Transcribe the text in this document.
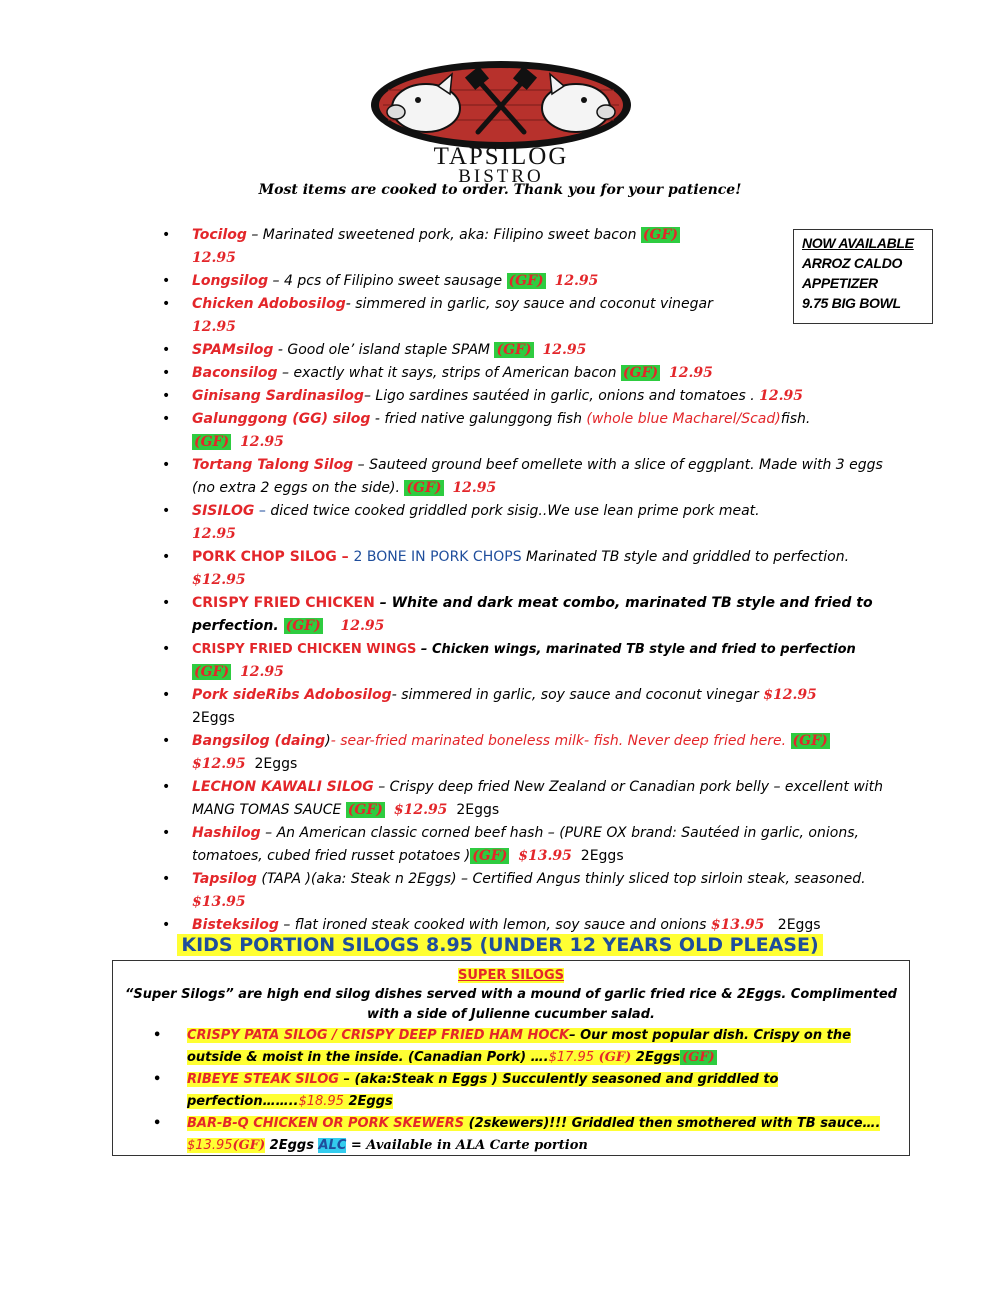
TAPSILOG
BISTRO
Most items are cooked to order. Thank you for your patience!
NOW AVAILABLE
ARROZ CALDO
APPETIZER
9.75 BIG BOWL
• Tocilog – Marinated sweetened pork, aka: Filipino sweet bacon (GF)
12.95
• Longsilog – 4 pcs of Filipino sweet sausage (GF) 12.95
• Chicken Adobosilog- simmered in garlic, soy sauce and coconut vinegar
12.95
• SPAMsilog - Good ole’ island staple SPAM (GF) 12.95
• Baconsilog – exactly what it says, strips of American bacon (GF) 12.95
• Ginisang Sardinasilog– Ligo sardines sautéed in garlic, onions and tomatoes . 12.95
• Galunggong (GG) silog - fried native galunggong fish (whole blue Macharel/Scad)fish.
(GF) 12.95
• Tortang Talong Silog – Sauteed ground beef omellete with a slice of eggplant. Made with 3 eggs (no extra 2 eggs on the side). (GF) 12.95
• SISILOG – diced twice cooked griddled pork sisig..We use lean prime pork meat.
12.95
• PORK CHOP SILOG – 2 BONE IN PORK CHOPS Marinated TB style and griddled to perfection. $12.95
• CRISPY FRIED CHICKEN – White and dark meat combo, marinated TB style and fried to perfection. (GF) 12.95
• CRISPY FRIED CHICKEN WINGS – Chicken wings, marinated TB style and fried to perfection
(GF) 12.95
• Pork sideRibs Adobosilog- simmered in garlic, soy sauce and coconut vinegar $12.95
2Eggs
• Bangsilog (daing)- sear-fried marinated boneless milk- fish. Never deep fried here. (GF)
$12.95 2Eggs
• LECHON KAWALI SILOG – Crispy deep fried New Zealand or Canadian pork belly – excellent with MANG TOMAS SAUCE (GF) $12.95 2Eggs
• Hashilog – An American classic corned beef hash – (PURE OX brand: Sautéed in garlic, onions, tomatoes, cubed fried russet potatoes ) (GF) $13.95 2Eggs
• Tapsilog (TAPA )(aka: Steak n 2Eggs) – Certified Angus thinly sliced top sirloin steak, seasoned. $13.95
• Bisteksilog – flat ironed steak cooked with lemon, soy sauce and onions $13.95 2Eggs
KIDS PORTION SILOGS 8.95 (UNDER 12 YEARS OLD PLEASE)
SUPER SILOGS
“Super Silogs” are high end silog dishes served with a mound of garlic fried rice & 2Eggs. Complimented with a side of Julienne cucumber salad.
• CRISPY PATA SILOG / CRISPY DEEP FRIED HAM HOCK– Our most popular dish. Crispy on the outside & moist in the inside. (Canadian Pork) ….$17.95 (GF) 2Eggs (GF)
• RIBEYE STEAK SILOG – (aka:Steak n Eggs ) Succulently seasoned and griddled to perfection……..$18.95 2Eggs
• BAR-B-Q CHICKEN OR PORK SKEWERS (2skewers)!!! Griddled then smothered with TB sauce…. $13.95(GF) 2Eggs ALC = Available in ALA Carte portion
